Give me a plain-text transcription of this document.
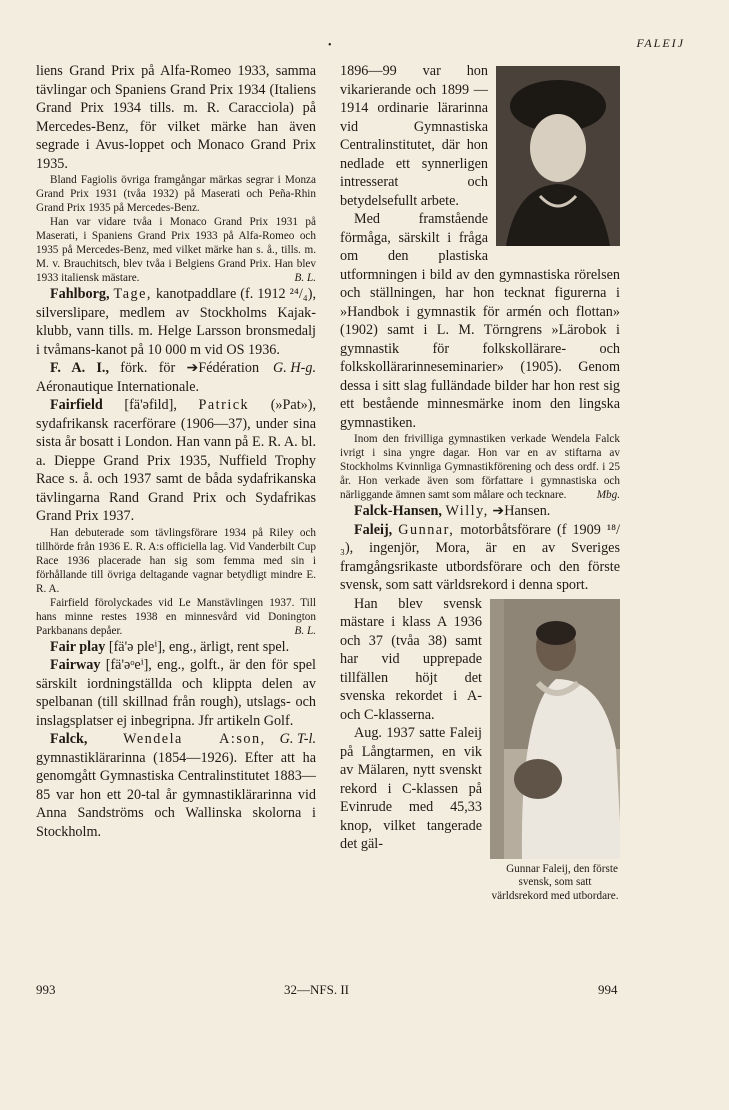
•	FALEIJ

liens Grand Prix på Alfa-Romeo 1933, samma tävlingar och Spaniens Grand Prix 1934 (Italiens Grand Prix 1934 tills. m. R. Caracciola) på Mercedes-Benz, för vilket märke han även segrade i Avus-loppet och Monaco Grand Prix 1935.

Bland Fagiolis övriga framgångar märkas segrar i Monza Grand Prix 1931 (tvåa 1932) på Maserati och Peña-Rhin Grand Prix 1935 på Mercedes-Benz.

Han var vidare tvåa i Monaco Grand Prix 1931 på Maserati, i Spaniens Grand Prix 1933 på Alfa-Romeo och 1935 på Mercedes-Benz, med vilket märke han s. å., tills. m. M. v. Brauchitsch, blev tvåa i Belgiens Grand Prix. Han blev 1933 italiensk mästare.	B. L.

Fahlborg, Tage, kanotpaddlare (f. 1912 ²⁴/₄), silverslipare, medlem av Stockholms Kajak-klubb, vann tills. m. Helge Larsson bronsmedalj i tvåmans-kanot på 10 000 m vid OS 1936.
G. H-g.

F. A. I., förk. för ➔Fédération Aéronautique Internationale.

Fairfield [fä'əfild], Patrick (»Pat»), sydafrikansk racerförare (1906—37), under sina sista år bosatt i London. Han vann på E. R. A. bl. a. Dieppe Grand Prix 1935, Nuffield Trophy Race s. å. och 1937 samt de båda sydafrikanska tävlingarna Rand Grand Prix och Sydafrikas Grand Prix 1937.

Han debuterade som tävlingsförare 1934 på Riley och tillhörde från 1936 E. R. A:s officiella lag. Vid Vanderbilt Cup Race 1936 placerade han sig som femma med sin i förhållande till övriga deltagande vagnar betydligt mindre E. R. A.

Fairfield förolyckades vid Le Manstävlingen 1937. Till hans minne restes 1938 en minnesvård vid Donington Parkbanans depåer.	B. L.

Fair play [fä'ə pleⁱ], eng., ärligt, rent spel.

Fairway [fä'əᵒeⁱ], eng., golft., är den för spel särskilt iordningställda och klippta delen av spelbanan (till skillnad från rough), utslags- och inslagsplatser ej inbegripna. Jfr artikeln Golf.
G. T-l.

Falck,	Wendela A:son, gymnastiklärarinna (1854—1926). Efter att ha genomgått Gymnastiska Centralinstitutet 1883—85 var hon ett 20-tal år gymnastiklärarinna vid Anna Sandströms och Wallinska skolorna i Stockholm.

1896—99 var hon vikarierande och 1899 —1914 ordinarie lärarinna vid Gymnastiska Centralinstitutet, där hon nedlade ett synnerligen intresserat och betydelsefullt arbete.

Med framstående förmåga, särskilt i fråga om den plastiska utformningen i bild av den gymnastiska rörelsen och ställningen, har hon tecknat figurerna i »Handbok i gymnastik för armén och flottan» (1902) samt i L. M. Törngrens »Lärobok i gymnastik för folkskollärare- och folkskollärarinneseminarier» (1905). Genom dessa i sitt slag fulländade bilder har hon rest sig ett bestående minnesmärke inom den lingska gymnastiken.

Inom den frivilliga gymnastiken verkade Wendela Falck ivrigt i sina yngre dagar. Hon var en av stiftarna av Stockholms Kvinnliga Gymnastikförening och dess ordf. i 25 år. Hon verkade även som författare i gymnastiska och närliggande ämnen samt som målare och tecknare.	Mbg.

Falck-Hansen, Willy, ➔Hansen.

Faleij, Gunnar, motorbåtsförare (f 1909 ¹⁸/₃), ingenjör, Mora, är en av Sveriges framgångsrikaste utbordsförare och den förste svensk, som satt världsrekord i denna sport.

Gunnar Faleij, den förste svensk, som satt världsrekord med utbordare.
Han blev svensk mästare i klass A 1936 och 37 (tvåa 38) samt har vid upprepade tillfällen höjt det svenska rekordet i A- och C-klasserna.

Aug. 1937 satte Faleij på Långtarmen, en vik av Mälaren, nytt svenskt rekord i C-klassen på Evinrude med 45,33 knop, vilket tangerade det gäl-

993	32—NFS. II	994
